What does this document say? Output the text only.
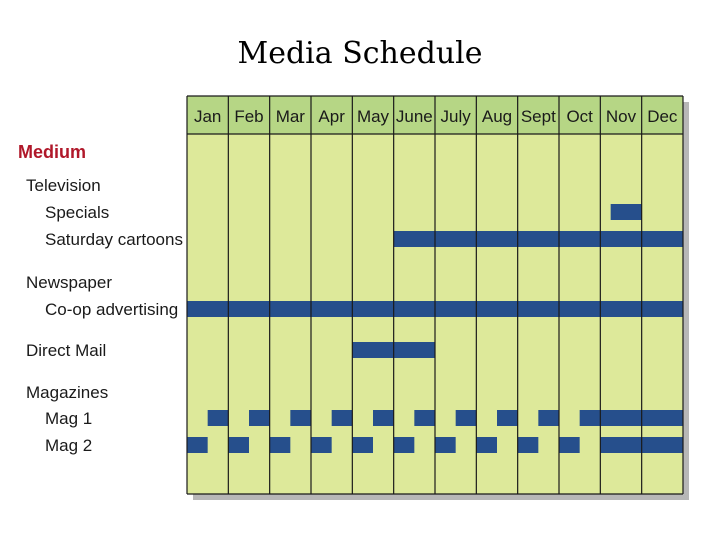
Media Schedule
Jan Feb Mar Apr May June July Aug Sept Oct Nov Dec
Medium
Television
Specials
Saturday cartoons
Newspaper
Co-op advertising
Direct Mail
Magazines
Mag 1
Mag 2
